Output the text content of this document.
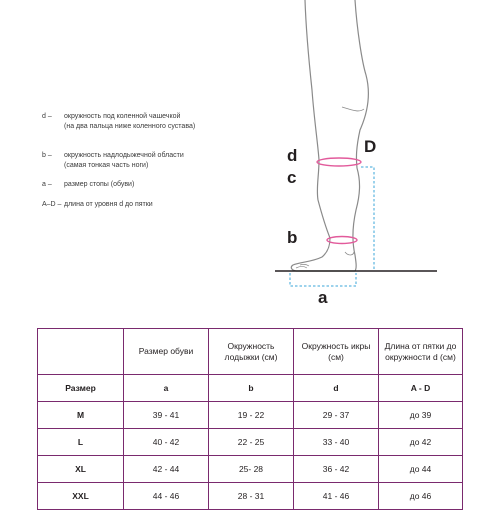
d –	окружность под коленной чашечкой
(на два пальца ниже коленного сустава)
b –	окружность надлодыжечной области
(самая тонкая часть ноги)
a –	размер стопы (обуви)
A–D – длина от уровня d до пятки
d	D
c
b
a
	Размер обуви	Окружность лодыжки (см)	Окружность икры (см)	Длина от пятки до окружности d (см)
Размер	a	b	d	A - D
M	39 - 41	19 - 22	29 - 37	до 39
L	40 - 42	22 - 25	33 - 40	до 42
XL	42 - 44	25- 28	36 - 42	до 44
XXL	44 - 46	28 - 31	41 - 46	до 46
